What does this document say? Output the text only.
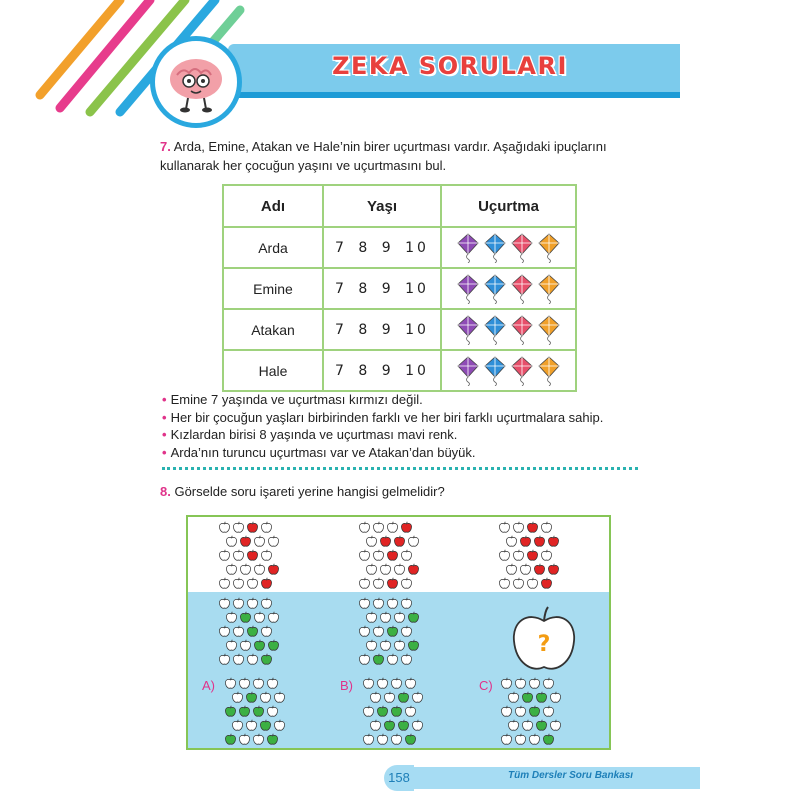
ZEKA SORULARI
7. Arda, Emine, Atakan ve Hale’nin birer uçurtması vardır. Aşağıdaki ipuçlarını kullanarak her çocuğun yaşını ve uçurtmasını bul.
Adı	Yaşı	Uçurtma
Arda	7 8 9 10	

Emine	7 8 9 10	

Atakan	7 8 9 10	

Hale	7 8 9 10	
• Emine 7 yaşında ve uçurtması kırmızı değil.
• Her bir çocuğun yaşları birbirinden farklı ve her biri farklı uçurtmalara sahip.
• Kızlardan birisi 8 yaşında ve uçurtması mavi renk.
• Arda’nın turuncu uçurtması var ve Atakan’dan büyük.
8. Görselde soru işareti yerine hangisi gelmelidir?
A)	B)	C)
?
158	Tüm Dersler Soru Bankası
